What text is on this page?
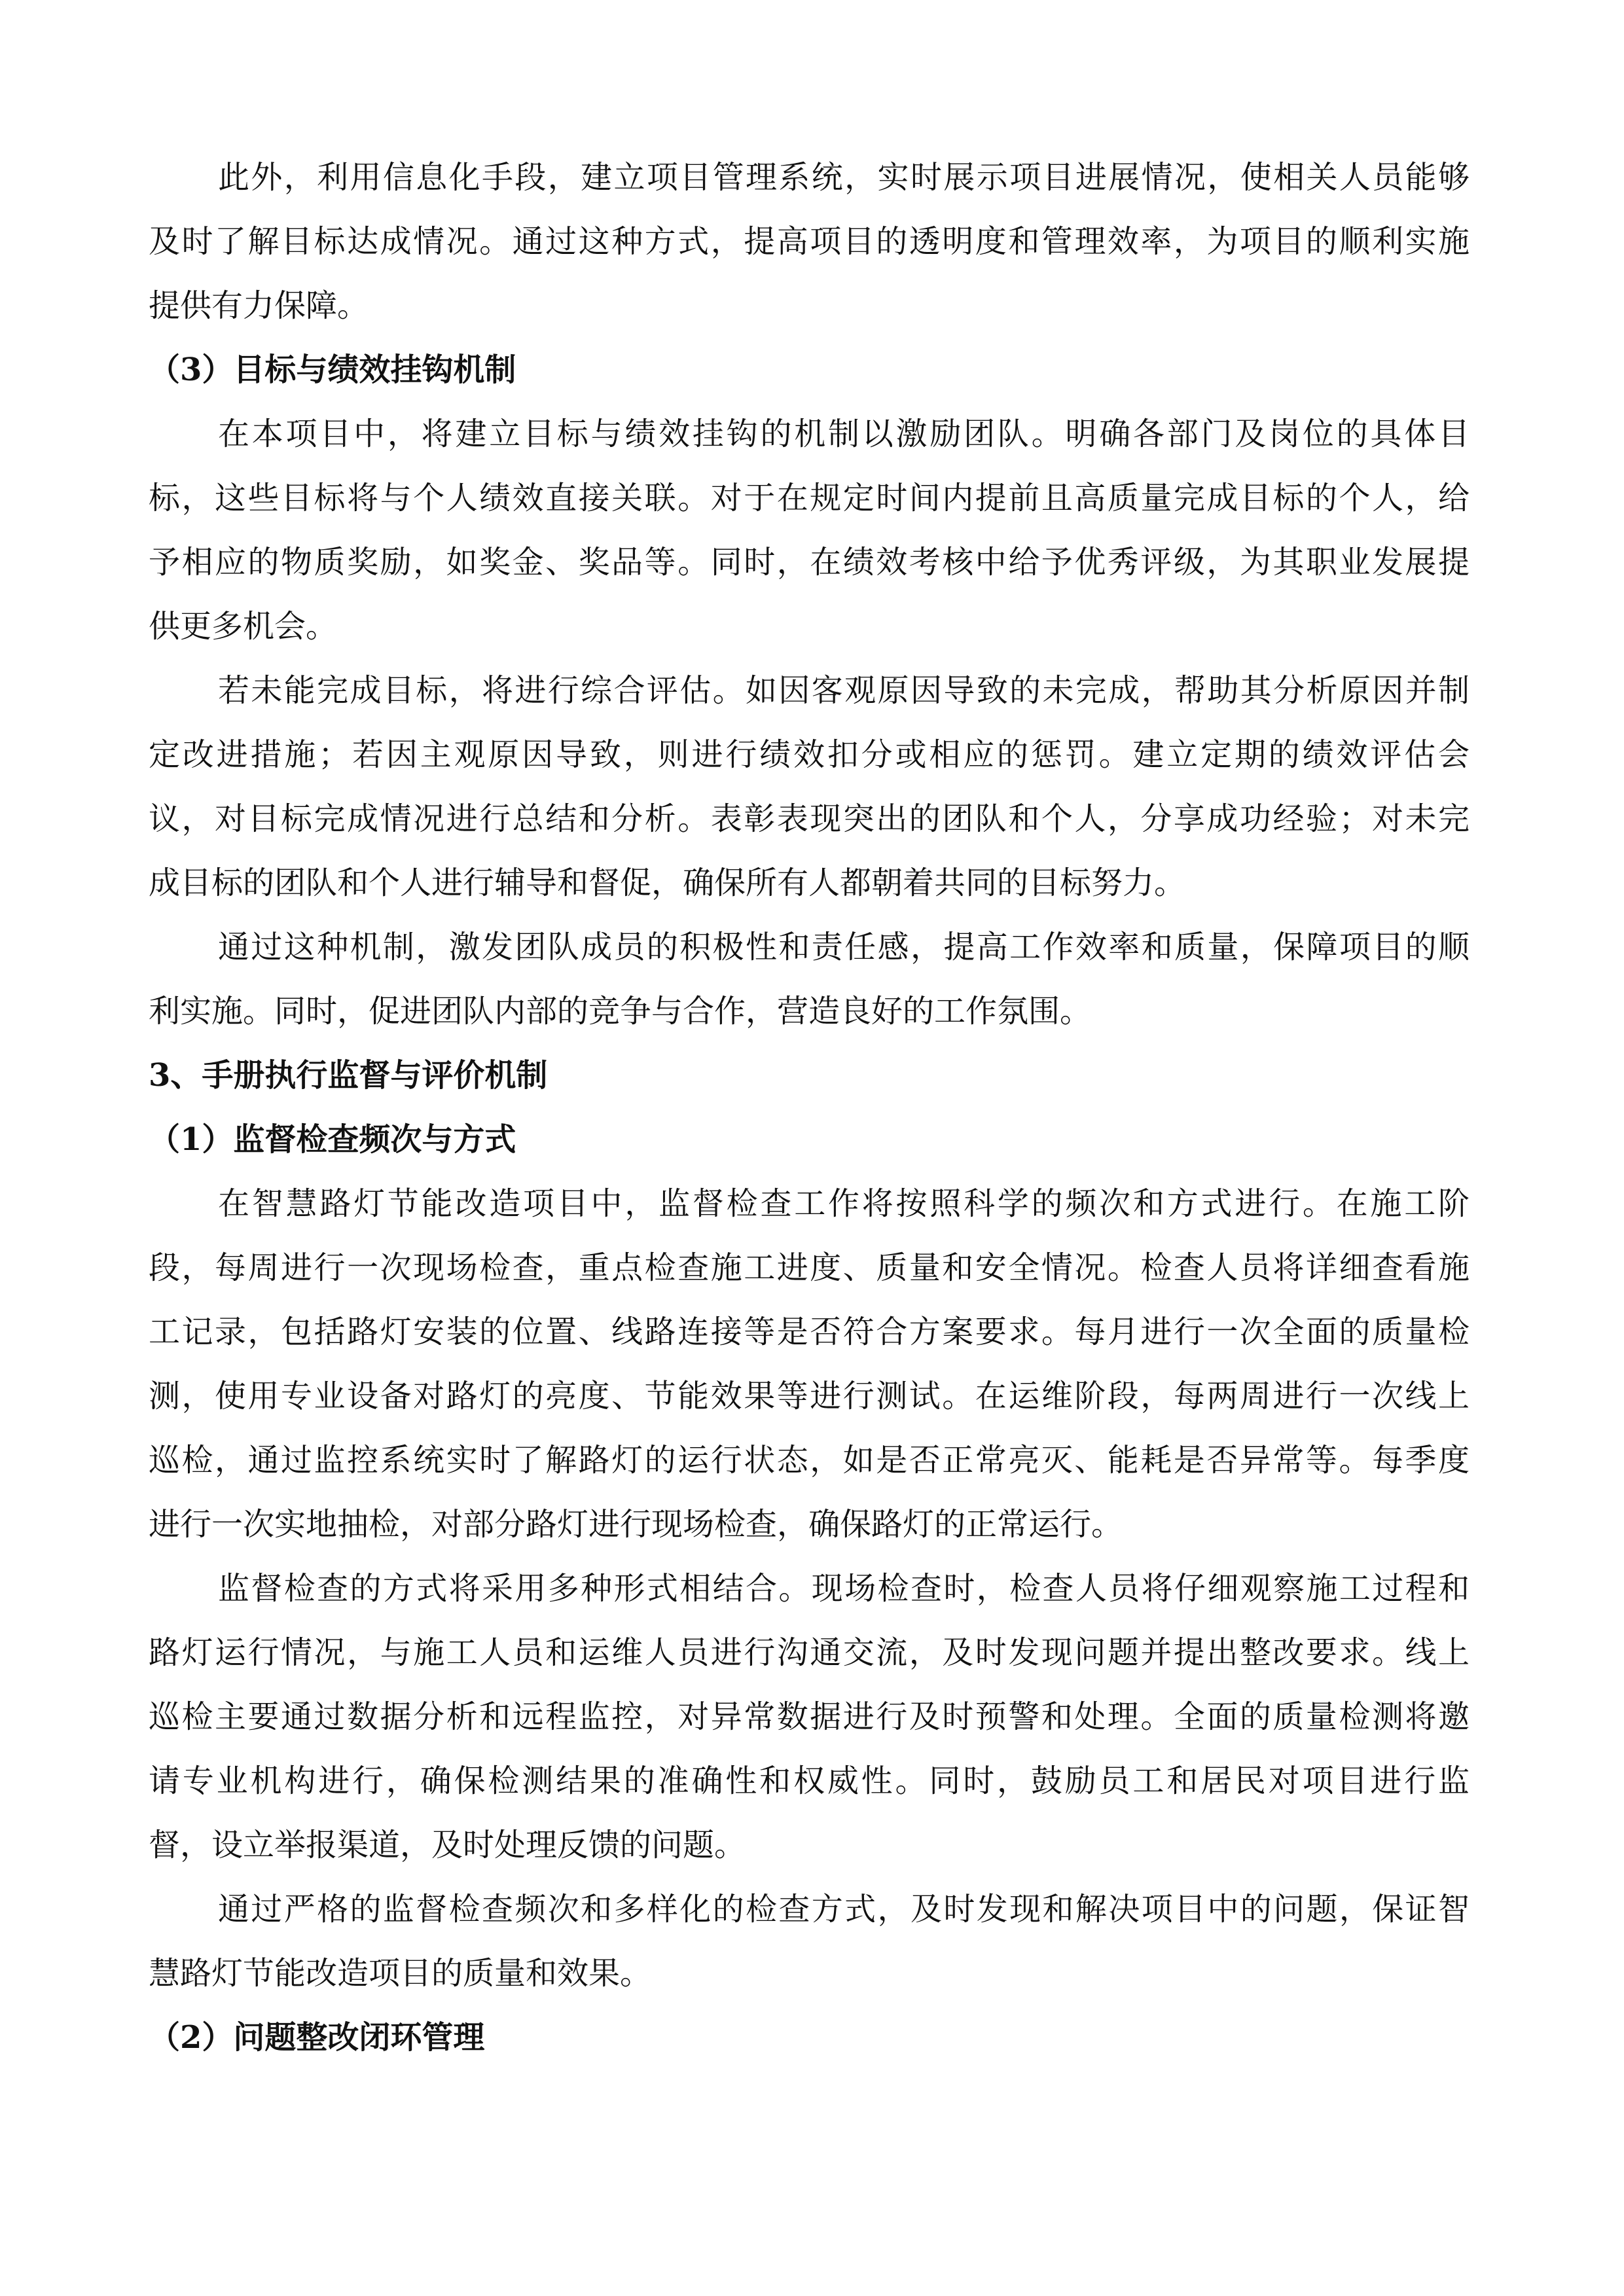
此外，利用信息化手段，建立项目管理系统，实时展示项目进展情况，使相关人员能够
及时了解目标达成情况。通过这种方式，提高项目的透明度和管理效率，为项目的顺利实施
提供有力保障。
（3）目标与绩效挂钩机制
在本项目中，将建立目标与绩效挂钩的机制以激励团队。明确各部门及岗位的具体目
标，这些目标将与个人绩效直接关联。对于在规定时间内提前且高质量完成目标的个人，给
予相应的物质奖励，如奖金、奖品等。同时，在绩效考核中给予优秀评级，为其职业发展提
供更多机会。
若未能完成目标，将进行综合评估。如因客观原因导致的未完成，帮助其分析原因并制
定改进措施；若因主观原因导致，则进行绩效扣分或相应的惩罚。建立定期的绩效评估会
议，对目标完成情况进行总结和分析。表彰表现突出的团队和个人，分享成功经验；对未完
成目标的团队和个人进行辅导和督促，确保所有人都朝着共同的目标努力。
通过这种机制，激发团队成员的积极性和责任感，提高工作效率和质量，保障项目的顺
利实施。同时，促进团队内部的竞争与合作，营造良好的工作氛围。
3、手册执行监督与评价机制
（1）监督检查频次与方式
在智慧路灯节能改造项目中，监督检查工作将按照科学的频次和方式进行。在施工阶
段，每周进行一次现场检查，重点检查施工进度、质量和安全情况。检查人员将详细查看施
工记录，包括路灯安装的位置、线路连接等是否符合方案要求。每月进行一次全面的质量检
测，使用专业设备对路灯的亮度、节能效果等进行测试。在运维阶段，每两周进行一次线上
巡检，通过监控系统实时了解路灯的运行状态，如是否正常亮灭、能耗是否异常等。每季度
进行一次实地抽检，对部分路灯进行现场检查，确保路灯的正常运行。
监督检查的方式将采用多种形式相结合。现场检查时，检查人员将仔细观察施工过程和
路灯运行情况，与施工人员和运维人员进行沟通交流，及时发现问题并提出整改要求。线上
巡检主要通过数据分析和远程监控，对异常数据进行及时预警和处理。全面的质量检测将邀
请专业机构进行，确保检测结果的准确性和权威性。同时，鼓励员工和居民对项目进行监
督，设立举报渠道，及时处理反馈的问题。
通过严格的监督检查频次和多样化的检查方式，及时发现和解决项目中的问题，保证智
慧路灯节能改造项目的质量和效果。
（2）问题整改闭环管理
